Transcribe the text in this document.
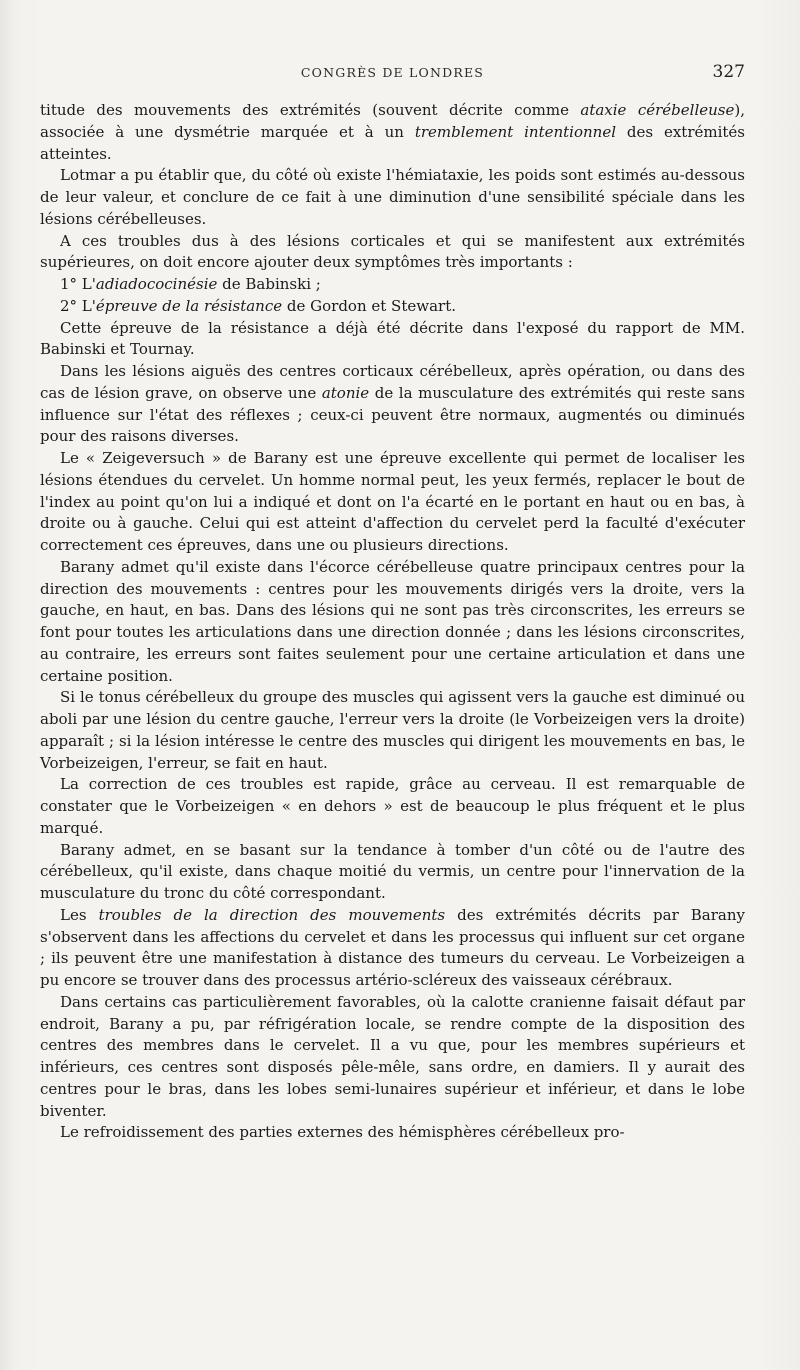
CONGRÈS DE LONDRES	327

titude des mouvements des extrémités (souvent décrite comme ataxie cérébelleuse), associée à une dysmétrie marquée et à un tremblement intentionnel des extrémités atteintes.

Lotmar a pu établir que, du côté où existe l'hémiataxie, les poids sont estimés au-dessous de leur valeur, et conclure de ce fait à une diminution d'une sensibilité spéciale dans les lésions cérébelleuses.

A ces troubles dus à des lésions corticales et qui se manifestent aux extrémités supérieures, on doit encore ajouter deux symptômes très importants :

1° L'adiadococinésie de Babinski ;

2° L'épreuve de la résistance de Gordon et Stewart.

Cette épreuve de la résistance a déjà été décrite dans l'exposé du rapport de MM. Babinski et Tournay.

Dans les lésions aiguës des centres corticaux cérébelleux, après opération, ou dans des cas de lésion grave, on observe une atonie de la musculature des extrémités qui reste sans influence sur l'état des réflexes ; ceux-ci peuvent être normaux, augmentés ou diminués pour des raisons diverses.

Le « Zeigeversuch » de Barany est une épreuve excellente qui permet de localiser les lésions étendues du cervelet. Un homme normal peut, les yeux fermés, replacer le bout de l'index au point qu'on lui a indiqué et dont on l'a écarté en le portant en haut ou en bas, à droite ou à gauche. Celui qui est atteint d'affection du cervelet perd la faculté d'exécuter correctement ces épreuves, dans une ou plusieurs directions.

Barany admet qu'il existe dans l'écorce cérébelleuse quatre principaux centres pour la direction des mouvements : centres pour les mouvements dirigés vers la droite, vers la gauche, en haut, en bas. Dans des lésions qui ne sont pas très circonscrites, les erreurs se font pour toutes les articulations dans une direction donnée ; dans les lésions circonscrites, au contraire, les erreurs sont faites seulement pour une certaine articulation et dans une certaine position.

Si le tonus cérébelleux du groupe des muscles qui agissent vers la gauche est diminué ou aboli par une lésion du centre gauche, l'erreur vers la droite (le Vorbeizeigen vers la droite) apparaît ; si la lésion intéresse le centre des muscles qui dirigent les mouvements en bas, le Vorbeizeigen, l'erreur, se fait en haut.

La correction de ces troubles est rapide, grâce au cerveau. Il est remarquable de constater que le Vorbeizeigen « en dehors » est de beaucoup le plus fréquent et le plus marqué.

Barany admet, en se basant sur la tendance à tomber d'un côté ou de l'autre des cérébelleux, qu'il existe, dans chaque moitié du vermis, un centre pour l'innervation de la musculature du tronc du côté correspondant.

Les troubles de la direction des mouvements des extrémités décrits par Barany s'observent dans les affections du cervelet et dans les processus qui influent sur cet organe ; ils peuvent être une manifestation à distance des tumeurs du cerveau. Le Vorbeizeigen a pu encore se trouver dans des processus artério-scléreux des vaisseaux cérébraux.

Dans certains cas particulièrement favorables, où la calotte cranienne faisait défaut par endroit, Barany a pu, par réfrigération locale, se rendre compte de la disposition des centres des membres dans le cervelet. Il a vu que, pour les membres supérieurs et inférieurs, ces centres sont disposés pêle-mêle, sans ordre, en damiers. Il y aurait des centres pour le bras, dans les lobes semi-lunaires supérieur et inférieur, et dans le lobe biventer.

Le refroidissement des parties externes des hémisphères cérébelleux pro-
